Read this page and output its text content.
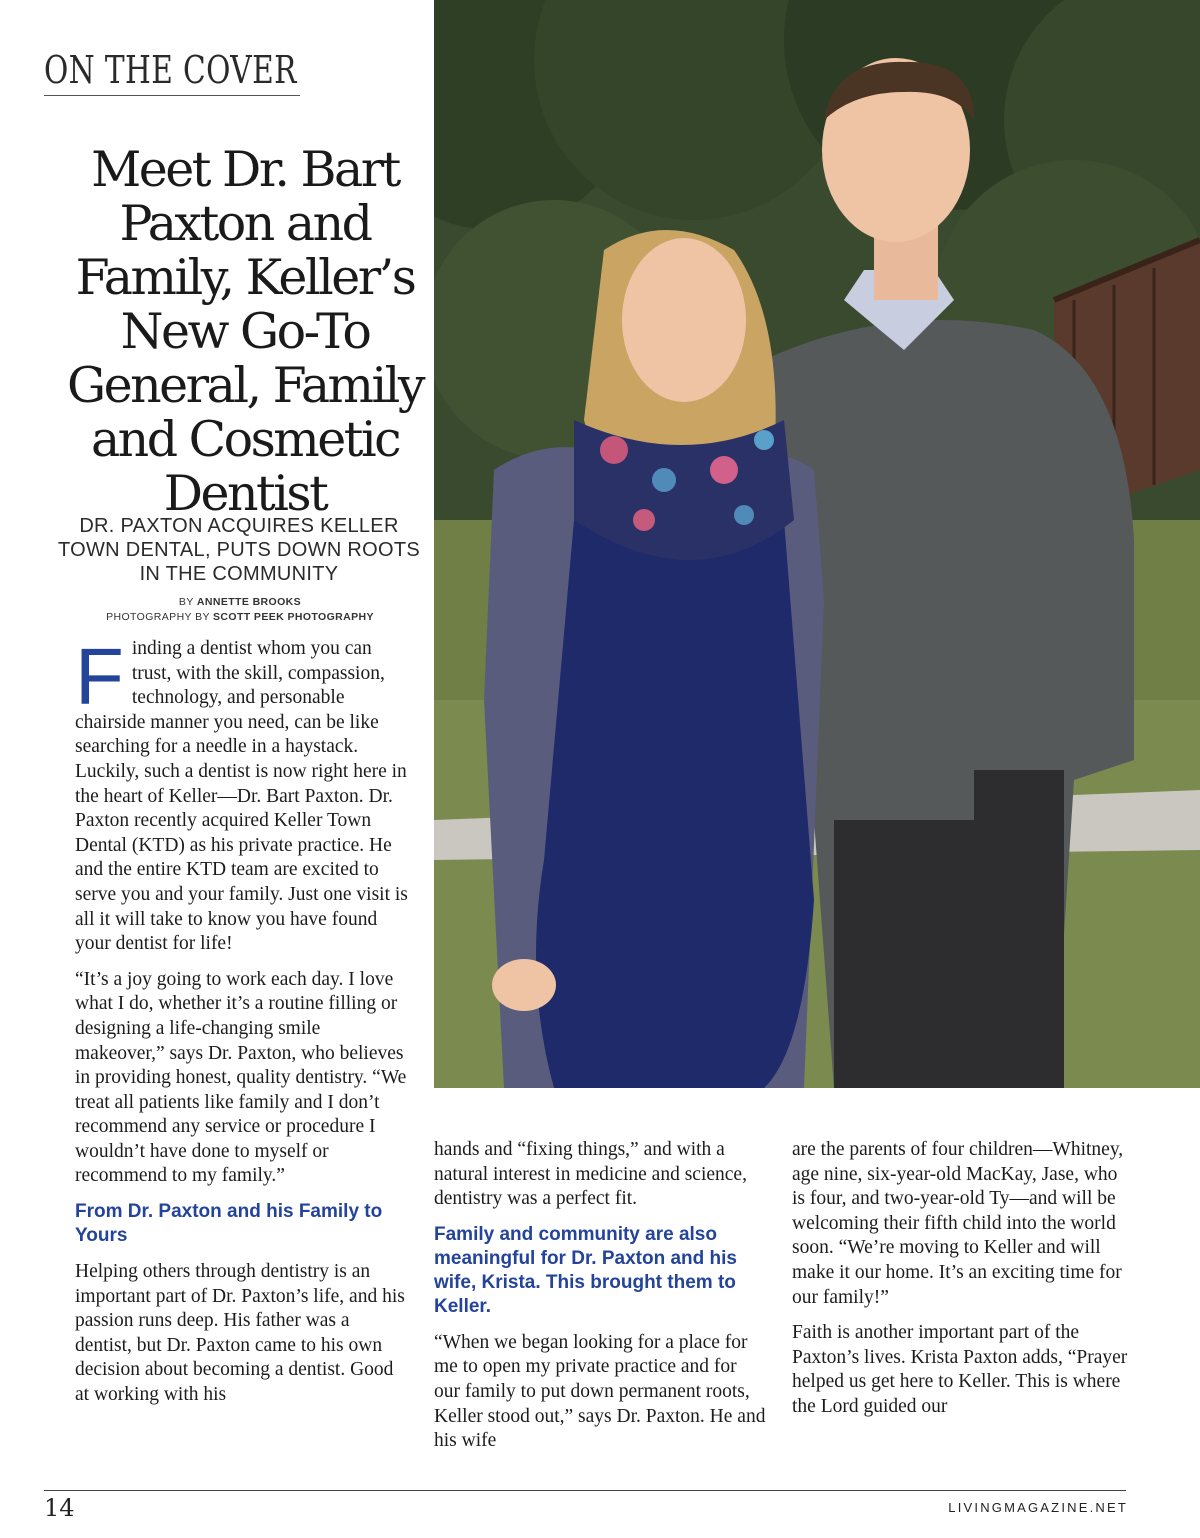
ON THE COVER
Meet Dr. Bart Paxton and Family, Keller’s New Go-To General, Family and Cosmetic Dentist
DR. PAXTON ACQUIRES KELLER TOWN DENTAL, PUTS DOWN ROOTS IN THE COMMUNITY
BY ANNETTE BROOKS
PHOTOGRAPHY BY SCOTT PEEK PHOTOGRAPHY

Finding a dentist whom you can trust, with the skill, compassion, technology, and personable chairside manner you need, can be like searching for a needle in a haystack. Luckily, such a dentist is now right here in the heart of Keller—Dr. Bart Paxton. Dr. Paxton recently acquired Keller Town Dental (KTD) as his private practice. He and the entire KTD team are excited to serve you and your family. Just one visit is all it will take to know you have found your dentist for life!

“It’s a joy going to work each day. I love what I do, whether it’s a routine filling or designing a life-changing smile makeover,” says Dr. Paxton, who believes in providing honest, quality dentistry. “We treat all patients like family and I don’t recommend any service or procedure I wouldn’t have done to myself or recommend to my family.”

From Dr. Paxton and his Family to Yours

Helping others through dentistry is an important part of Dr. Paxton’s life, and his passion runs deep. His father was a dentist, but Dr. Paxton came to his own decision about becoming a dentist. Good at working with his

hands and “fixing things,” and with a natural interest in medicine and science, dentistry was a perfect fit.

Family and community are also meaningful for Dr. Paxton and his wife, Krista. This brought them to Keller.

“When we began looking for a place for me to open my private practice and for our family to put down permanent roots, Keller stood out,” says Dr. Paxton. He and his wife

are the parents of four children—Whitney, age nine, six-year-old MacKay, Jase, who is four, and two-year-old Ty—and will be welcoming their fifth child into the world soon. “We’re moving to Keller and will make it our home. It’s an exciting time for our family!”

Faith is another important part of the Paxton’s lives. Krista Paxton adds, “Prayer helped us get here to Keller. This is where the Lord guided our

14	LIVINGMAGAZINE.NET
